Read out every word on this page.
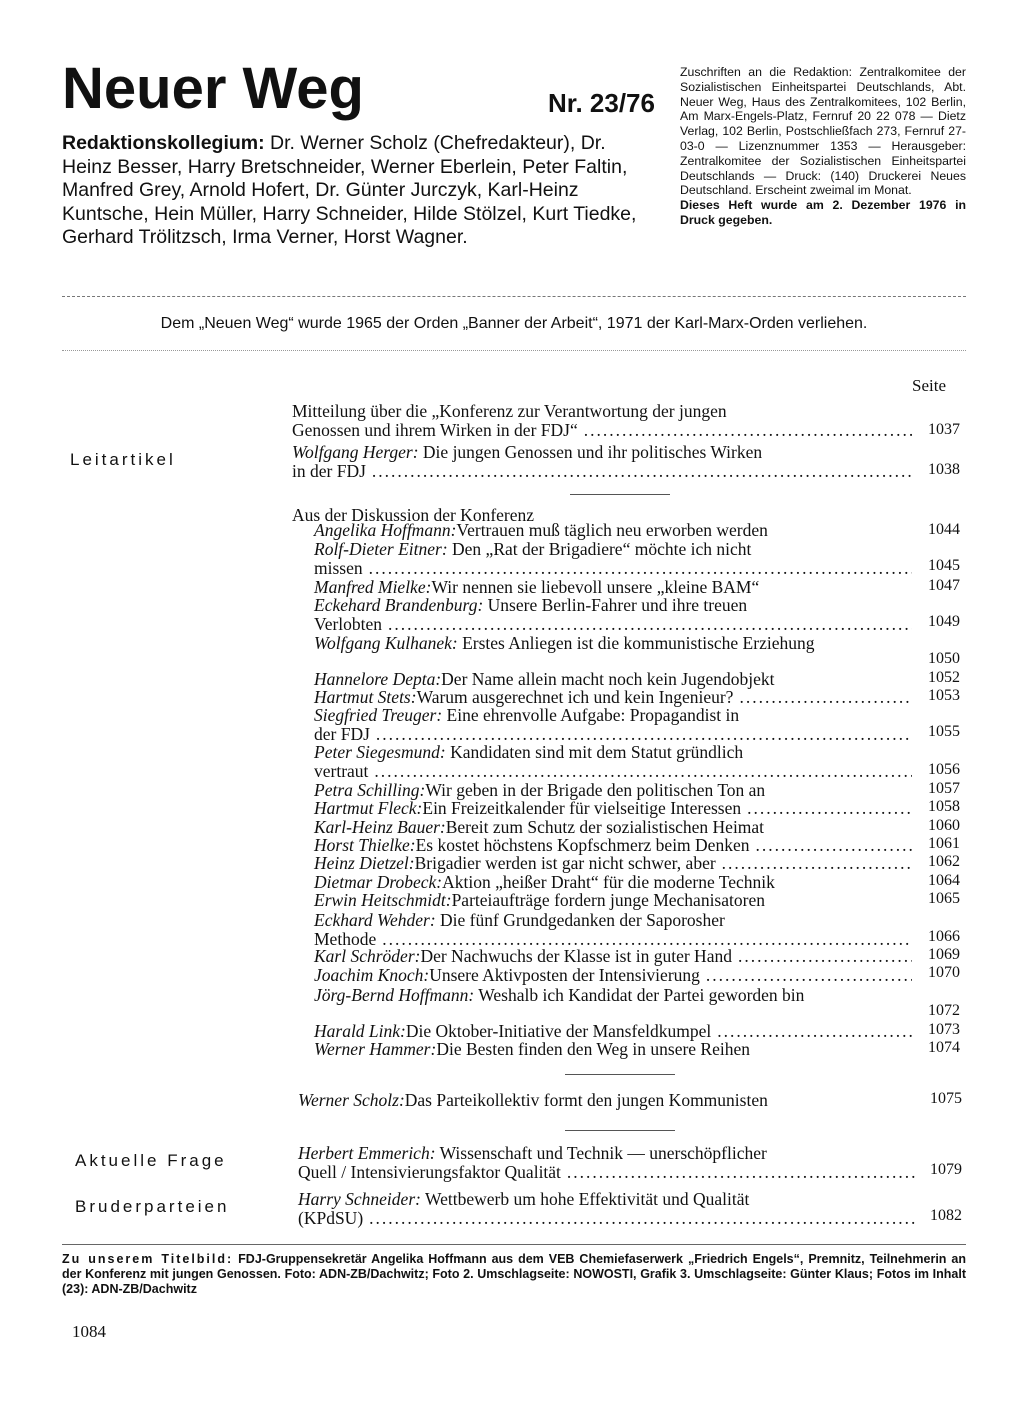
Neuer Weg	Nr. 23/76
Redaktionskollegium: Dr. Werner Scholz (Chefredakteur), Dr. Heinz Besser, Harry Bretschneider, Werner Eberlein, Peter Faltin, Manfred Grey, Arnold Hofert, Dr. Günter Jurczyk, Karl-Heinz Kuntsche, Hein Müller, Harry Schneider, Hilde Stölzel, Kurt Tiedke, Gerhard Trölitzsch, Irma Verner, Horst Wagner.
Zuschriften an die Redaktion: Zentralkomitee der Sozialistischen Einheitspartei Deutschlands, Abt. Neuer Weg, Haus des Zentralkomitees, 102 Berlin, Am Marx-Engels-Platz, Fernruf 20 22 078 — Dietz Verlag, 102 Berlin, Postschließfach 273, Fernruf 27-03-0 — Lizenznummer 1353 — Herausgeber: Zentralkomitee der Sozialistischen Einheitspartei Deutschlands — Druck: (140) Druckerei Neues Deutschland. Erscheint zweimal im Monat.
Dieses Heft wurde am 2. Dezember 1976 in Druck gegeben.
Dem „Neuen Weg“ wurde 1965 der Orden „Banner der Arbeit“, 1971 der Karl-Marx-Orden verliehen.
Seite
Leitartikel
Mitteilung über die „Konferenz zur Verantwortung der jungen
Genossen und ihrem Wirken in der FDJ“ .....	1037
Wolfgang Herger: Die jungen Genossen und ihr politisches Wirken
in der FDJ .....	1038
Aus der Diskussion der Konferenz
Angelika Hoffmann: Vertrauen muß täglich neu erworben werden	1044
Rolf-Dieter Eitner: Den „Rat der Brigadiere“ möchte ich nicht
missen .....	1045
Manfred Mielke: Wir nennen sie liebevoll unsere „kleine BAM“	1047
Eckehard Brandenburg: Unsere Berlin-Fahrer und ihre treuen
Verlobten .....	1049
Wolfgang Kulhanek: Erstes Anliegen ist die kommunistische Erziehung
1050
Hannelore Depta: Der Name allein macht noch kein Jugendobjekt	1052
Hartmut Stets: Warum ausgerechnet ich und kein Ingenieur? .....	1053
Siegfried Treuger: Eine ehrenvolle Aufgabe: Propagandist in
der FDJ .....	1055
Peter Siegesmund: Kandidaten sind mit dem Statut gründlich
vertraut .....	1056
Petra Schilling: Wir geben in der Brigade den politischen Ton an	1057
Hartmut Fleck: Ein Freizeitkalender für vielseitige Interessen .....	1058
Karl-Heinz Bauer: Bereit zum Schutz der sozialistischen Heimat	1060
Horst Thielke: Es kostet höchstens Kopfschmerz beim Denken .....	1061
Heinz Dietzel: Brigadier werden ist gar nicht schwer, aber .....	1062
Dietmar Drobeck: Aktion „heißer Draht“ für die moderne Technik	1064
Erwin Heitschmidt: Parteiaufträge fordern junge Mechanisatoren	1065
Eckhard Wehder: Die fünf Grundgedanken der Saporosher
Methode .....	1066
Karl Schröder: Der Nachwuchs der Klasse ist in guter Hand .....	1069
Joachim Knoch: Unsere Aktivposten der Intensivierung .....	1070
Jörg-Bernd Hoffmann: Weshalb ich Kandidat der Partei geworden bin
1072
Harald Link: Die Oktober-Initiative der Mansfeldkumpel .....	1073
Werner Hammer: Die Besten finden den Weg in unsere Reihen	1074
Werner Scholz: Das Parteikollektiv formt den jungen Kommunisten	1075
Aktuelle Frage	Herbert Emmerich: Wissenschaft und Technik — unerschöpflicher
Quell / Intensivierungsfaktor Qualität .....	1079
Bruderparteien	Harry Schneider: Wettbewerb um hohe Effektivität und Qualität
(KPdSU) .....	1082
Zu unserem Titelbild: FDJ-Gruppensekretär Angelika Hoffmann aus dem VEB Chemiefaserwerk „Friedrich Engels“, Premnitz, Teilnehmerin an der Konferenz mit jungen Genossen. Foto: ADN-ZB/Dachwitz; Foto 2. Umschlagseite: NOWOSTI, Grafik 3. Umschlagseite: Günter Klaus; Fotos im Inhalt (23): ADN-ZB/Dachwitz
1084
